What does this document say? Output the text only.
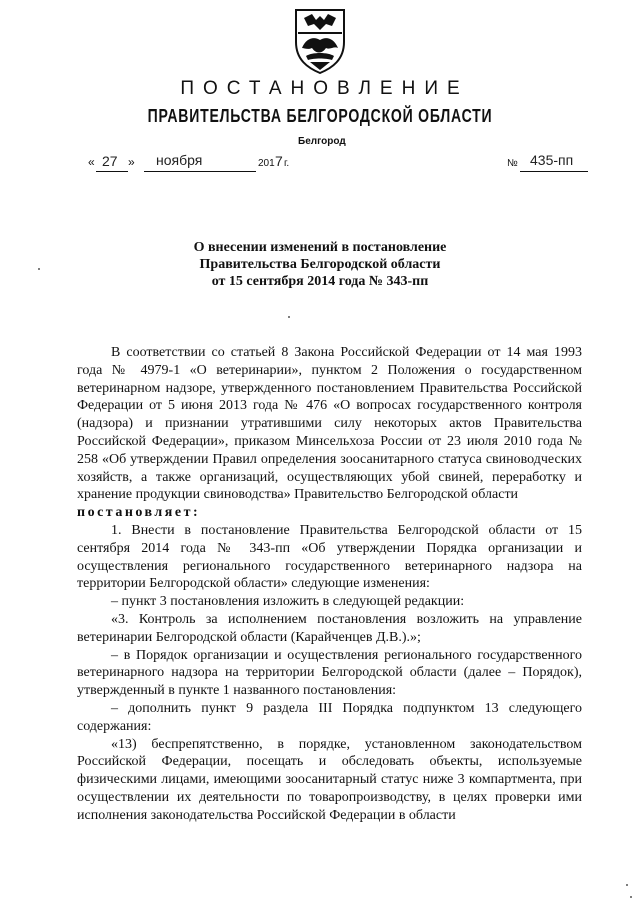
ПОСТАНОВЛЕНИЕ
ПРАВИТЕЛЬСТВА БЕЛГОРОДСКОЙ ОБЛАСТИ
Белгород
« 27 » ноября	201 7 г.	№ 435-пп
О внесении изменений в постановление
Правительства Белгородской области
от 15 сентября 2014 года № 343-пп

В соответствии со статьей 8 Закона Российской Федерации от 14 мая 1993 года № 4979-1 «О ветеринарии», пунктом 2 Положения о государственном ветеринарном надзоре, утвержденного постановлением Правительства Российской Федерации от 5 июня 2013 года № 476 «О вопросах государственного контроля (надзора) и признании утратившими силу некоторых актов Правительства Российской Федерации», приказом Минсельхоза России от 23 июля 2010 года № 258 «Об утверждении Правил определения зоосанитарного статуса свиноводческих хозяйств, а также организаций, осуществляющих убой свиней, переработку и хранение продукции свиноводства» Правительство Белгородской области

постановляет:

1. Внести в постановление Правительства Белгородской области от 15 сентября 2014 года № 343-пп «Об утверждении Порядка организации и осуществления регионального государственного ветеринарного надзора на территории Белгородской области» следующие изменения:

– пункт 3 постановления изложить в следующей редакции:

«3. Контроль за исполнением постановления возложить на управление ветеринарии Белгородской области (Карайченцев Д.В.).»;

– в Порядок организации и осуществления регионального государственного ветеринарного надзора на территории Белгородской области (далее – Порядок), утвержденный в пункте 1 названного постановления:

– дополнить пункт 9 раздела III Порядка подпунктом 13 следующего содержания:

«13) беспрепятственно, в порядке, установленном законодательством Российской Федерации, посещать и обследовать объекты, используемые физическими лицами, имеющими зоосанитарный статус ниже 3 компартмента, при осуществлении их деятельности по товаропроизводству, в целях проверки ими исполнения законодательства Российской Федерации в области
